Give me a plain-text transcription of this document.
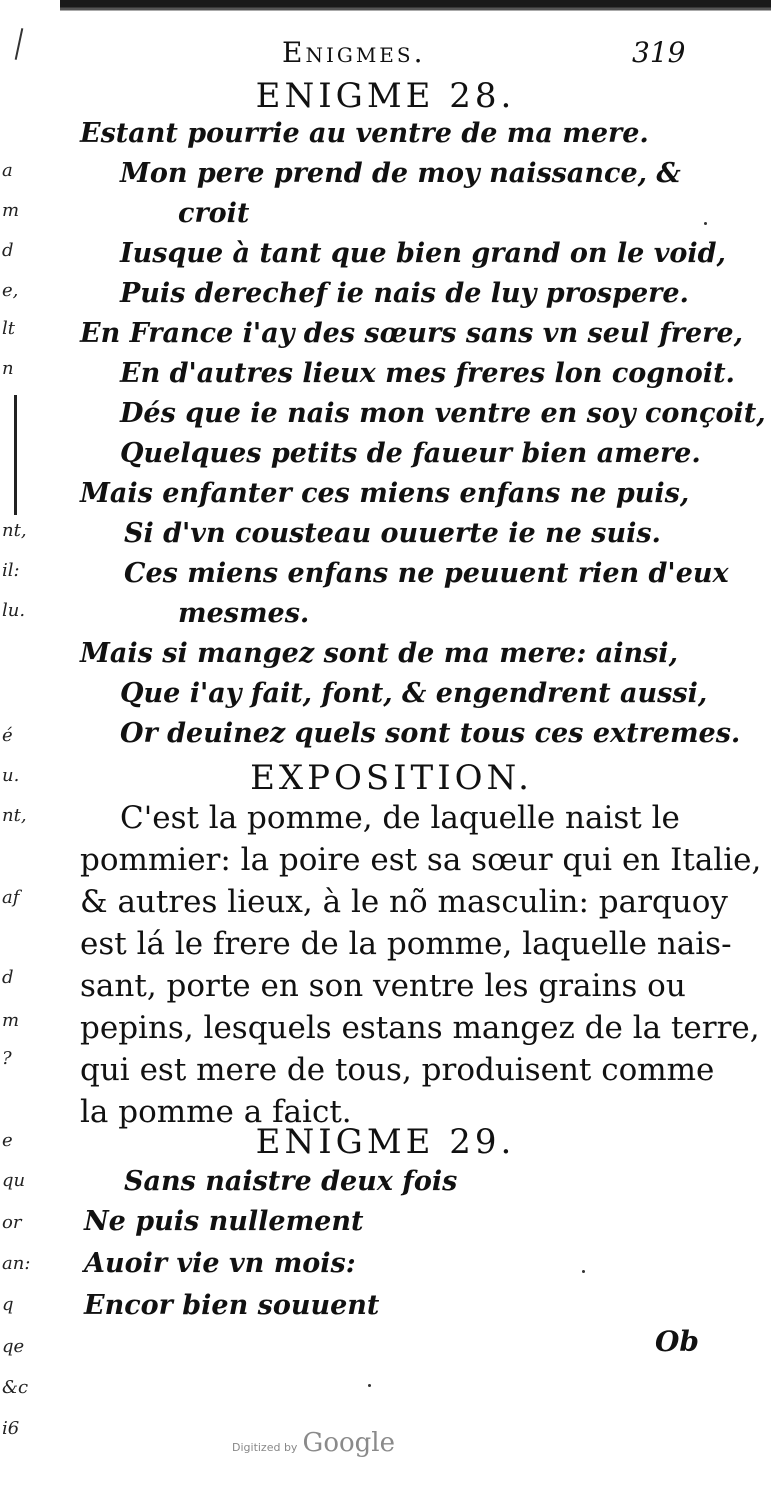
a
m
d
e,
lt
n
nt,
il:
lu.
é
u.
nt,
af
d
m
?
e
qu
or
an:
q
qe
&c
i6
Enigmes.	319
ENIGME 28.
Estant pourrie au ventre de ma mere.
Mon pere prend de moy naissance, &
croit
Iusque à tant que bien grand on le void,
Puis derechef ie nais de luy prospere.
En France i'ay des sœurs sans vn seul frere,
En d'autres lieux mes freres lon cognoit.
Dés que ie nais mon ventre en soy conçoit,
Quelques petits de faueur bien amere.
Mais enfanter ces miens enfans ne puis,
Si d'vn cousteau ouuerte ie ne suis.
Ces miens enfans ne peuuent rien d'eux
mesmes.
Mais si mangez sont de ma mere: ainsi,
Que i'ay fait, font, & engendrent aussi,
Or deuinez quels sont tous ces extremes.
EXPOSITION.
C'est la pomme, de laquelle naist le
pommier: la poire est sa sœur qui en Italie,
& autres lieux, à le nõ masculin: parquoy
est lá le frere de la pomme, laquelle nais-
sant, porte en son ventre les grains ou
pepins, lesquels estans mangez de la terre,
qui est mere de tous, produisent comme
la pomme a faict.
ENIGME 29.
Sans naistre deux fois
Ne puis nullement
Auoir vie vn mois:
Encor bien souuent
Ob
Digitized by Google
